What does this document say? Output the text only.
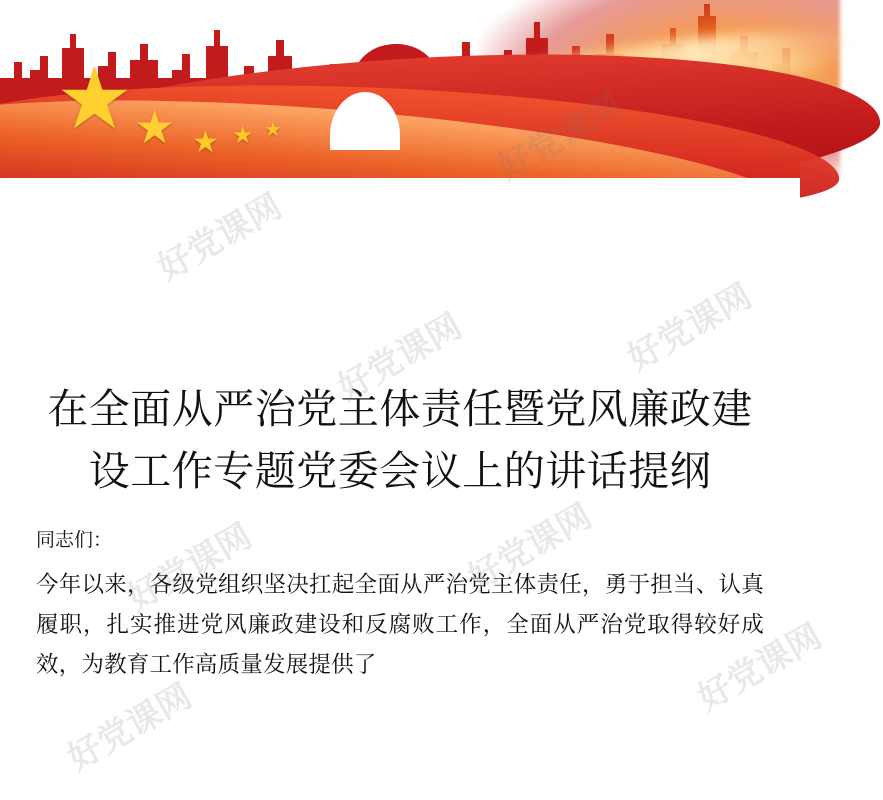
★ ★ ★ ★ ★
在全面从严治党主体责任暨党风廉政建设工作专题党委会议上的讲话提纲

同志们：

今年以来，各级党组织坚决扛起全面从严治党主体责任，勇于担当、认真履职，扎实推进党风廉政建设和反腐败工作，全面从严治党取得较好成效，为教育工作高质量发展提供了
